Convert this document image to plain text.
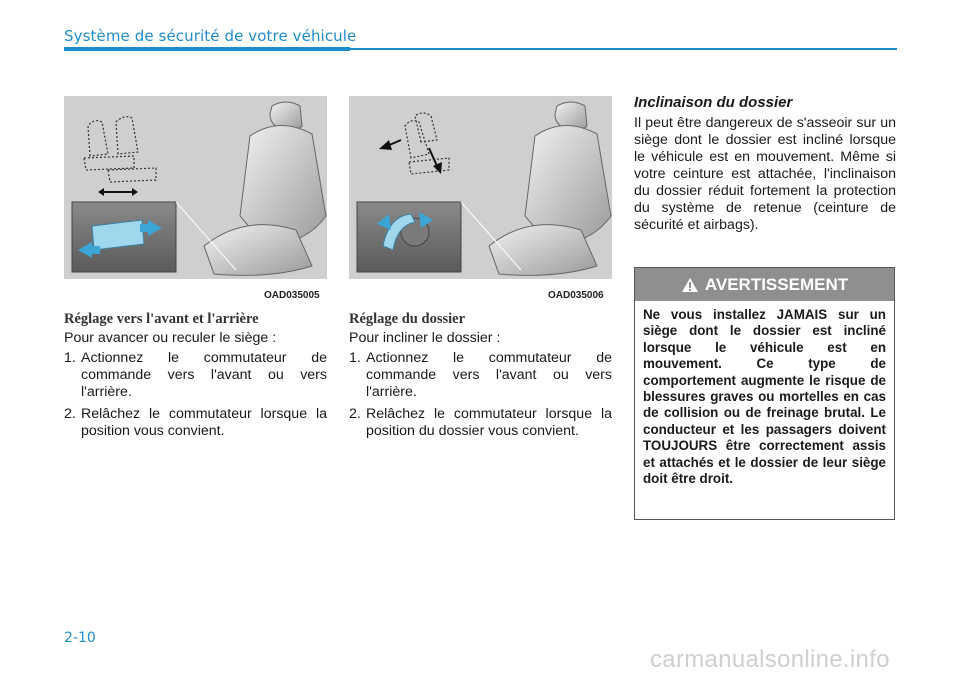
Système de sécurité de votre véhicule
OAD035005	OAD035006
Réglage vers l'avant et l'arrière
Pour avancer ou reculer le siège :
1. Actionnez le commutateur de commande vers l'avant ou vers l'arrière.
2. Relâchez le commutateur lorsque la position vous convient.
Réglage du dossier
Pour incliner le dossier :
1. Actionnez le commutateur de commande vers l'avant ou vers l'arrière.
2. Relâchez le commutateur lorsque la position du dossier vous convient.
Inclinaison du dossier
Il peut être dangereux de s'asseoir sur un siège dont le dossier est incliné lorsque le véhicule est en mouvement. Même si votre ceinture est attachée, l'inclinaison du dossier réduit fortement la protection du système de retenue (ceinture de sécurité et airbags).
AVERTISSEMENT
Ne vous installez JAMAIS sur un siège dont le dossier est incliné lorsque le véhicule est en mouvement. Ce type de comportement augmente le risque de blessures graves ou mortelles en cas de collision ou de freinage brutal. Le conducteur et les passagers doivent TOUJOURS être correctement assis et attachés et le dossier de leur siège doit être droit.
2-10
carmanualsonline.info
